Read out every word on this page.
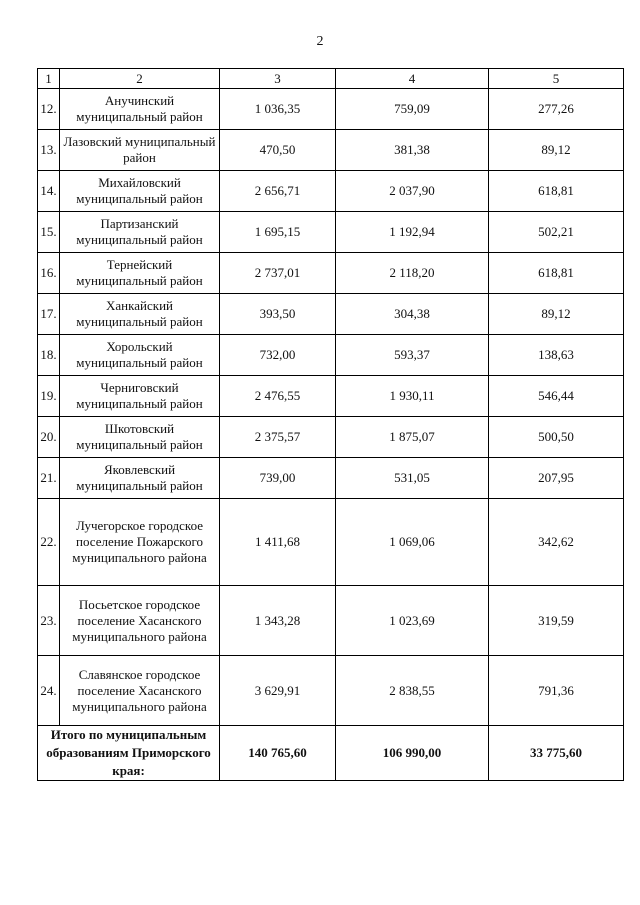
2
1	2	3	4	5
12.	Анучинский муниципальный район	1 036,35	759,09	277,26
13.	Лазовский муниципальный район	470,50	381,38	89,12
14.	Михайловский муниципальный район	2 656,71	2 037,90	618,81
15.	Партизанский муниципальный район	1 695,15	1 192,94	502,21
16.	Тернейский муниципальный район	2 737,01	2 118,20	618,81
17.	Ханкайский муниципальный район	393,50	304,38	89,12
18.	Хорольский муниципальный район	732,00	593,37	138,63
19.	Черниговский муниципальный район	2 476,55	1 930,11	546,44
20.	Шкотовский муниципальный район	2 375,57	1 875,07	500,50
21.	Яковлевский муниципальный район	739,00	531,05	207,95
22.	Лучегорское городское поселение Пожарского муниципального района	1 411,68	1 069,06	342,62
23.	Посьетское городское поселение Хасанского муниципального района	1 343,28	1 023,69	319,59
24.	Славянское городское поселение Хасанского муниципального района	3 629,91	2 838,55	791,36
Итого по муниципальным образованиям Приморского края:		140 765,60	106 990,00	33 775,60
